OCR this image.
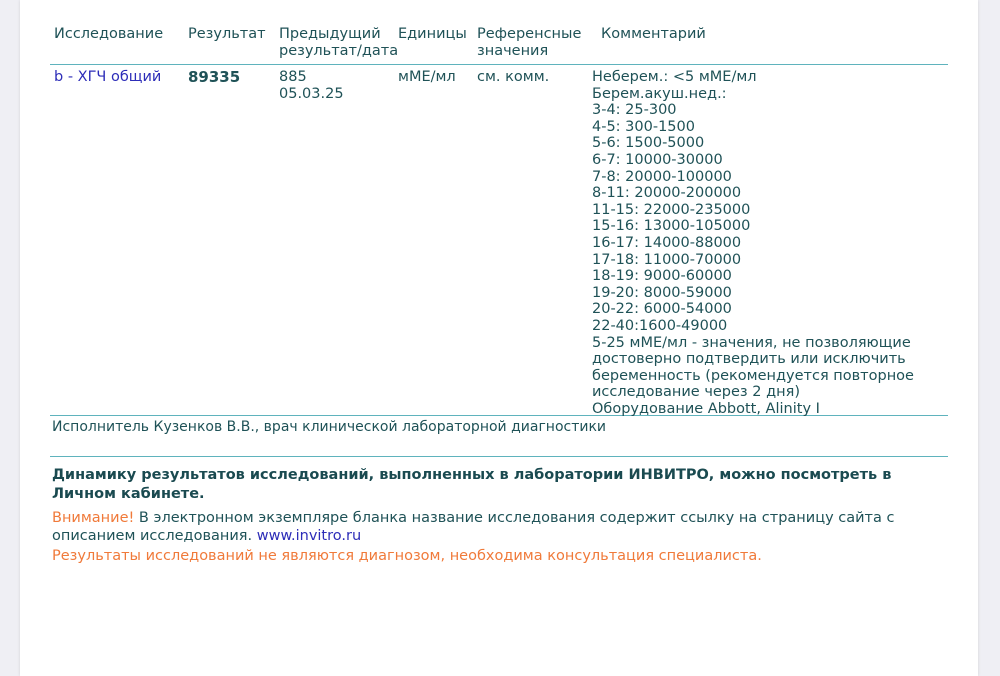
Исследование Результат Предыдущий
результат/дата
Единицы Референсные
значения
Комментарий
b - ХГЧ общий 89335	885
05.03.25
мМЕ/мл см. комм.	Неберем.: <5 мМЕ/мл
Берем.акуш.нед.:
3-4: 25-300
4-5: 300-1500
5-6: 1500-5000
6-7: 10000-30000
7-8: 20000-100000
8-11: 20000-200000
11-15: 22000-235000
15-16: 13000-105000
16-17: 14000-88000
17-18: 11000-70000
18-19: 9000-60000
19-20: 8000-59000
20-22: 6000-54000
22-40:1600-49000
5-25 мМЕ/мл - значения, не позволяющие
достоверно подтвердить или исключить
беременность (рекомендуется повторное
исследование через 2 дня)
Оборудование Abbott, Alinity I
Исполнитель Кузенков В.В., врач клинической лабораторной диагностики
Динамику результатов исследований, выполненных в лаборатории ИНВИТРО, можно посмотреть в Личном кабинете.
Внимание! В электронном экземпляре бланка название исследования содержит ссылку на страницу сайта с описанием исследования. www.invitro.ru
Результаты исследований не являются диагнозом, необходима консультация специалиста.
